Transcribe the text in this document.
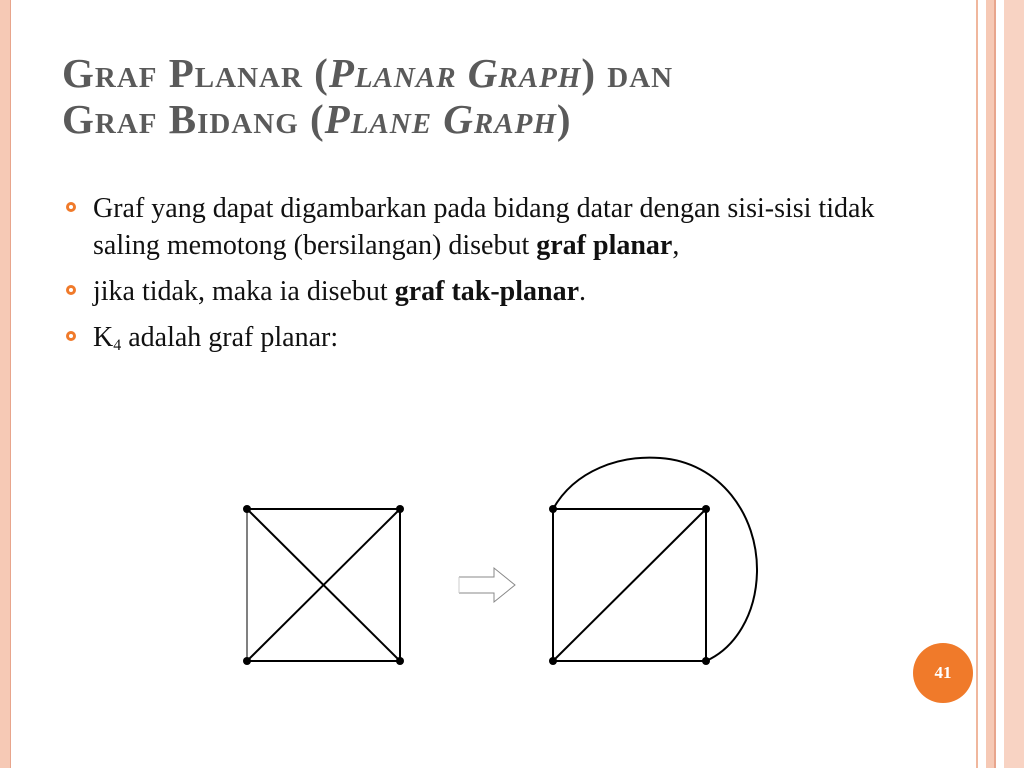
Graf Planar (Planar Graph) dan
Graf Bidang (Plane Graph)
Graf yang dapat digambarkan pada bidang datar dengan sisi-sisi tidak saling memotong (bersilangan) disebut graf planar,
jika tidak, maka ia disebut graf tak-planar.
$K_4$ adalah graf planar:
41
